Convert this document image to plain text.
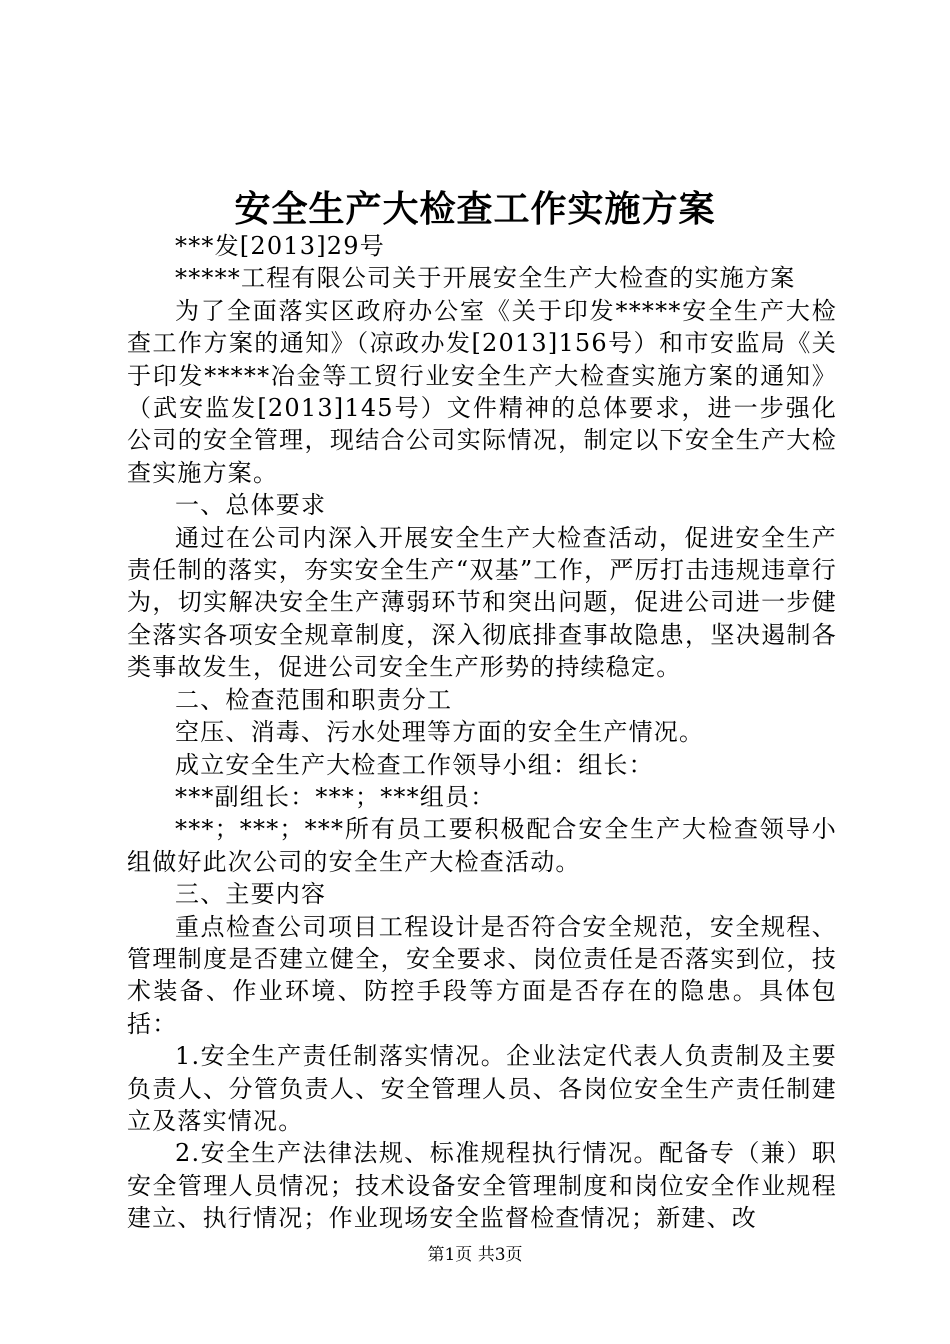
安全生产大检查工作实施方案

***发[2013]29号

*****工程有限公司关于开展安全生产大检查的实施方案

为了全面落实区政府办公室《关于印发*****安全生产大检查工作方案的通知》（凉政办发[2013]156号）和市安监局《关于印发*****冶金等工贸行业安全生产大检查实施方案的通知》（武安监发[2013]145号）文件精神的总体要求，进一步强化公司的安全管理，现结合公司实际情况，制定以下安全生产大检查实施方案。

一、总体要求

通过在公司内深入开展安全生产大检查活动，促进安全生产责任制的落实，夯实安全生产“双基”工作，严厉打击违规违章行为，切实解决安全生产薄弱环节和突出问题，促进公司进一步健全落实各项安全规章制度，深入彻底排查事故隐患，坚决遏制各类事故发生，促进公司安全生产形势的持续稳定。

二、检查范围和职责分工

空压、消毒、污水处理等方面的安全生产情况。

成立安全生产大检查工作领导小组：组长：

***副组长：***；***组员：

***；***；***所有员工要积极配合安全生产大检查领导小组做好此次公司的安全生产大检查活动。

三、主要内容

重点检查公司项目工程设计是否符合安全规范，安全规程、管理制度是否建立健全，安全要求、岗位责任是否落实到位，技术装备、作业环境、防控手段等方面是否存在的隐患。具体包括：

1.安全生产责任制落实情况。企业法定代表人负责制及主要负责人、分管负责人、安全管理人员、各岗位安全生产责任制建立及落实情况。

2.安全生产法律法规、标准规程执行情况。配备专（兼）职安全管理人员情况；技术设备安全管理制度和岗位安全作业规程建立、执行情况；作业现场安全监督检查情况；新建、改

第1页 共3页
